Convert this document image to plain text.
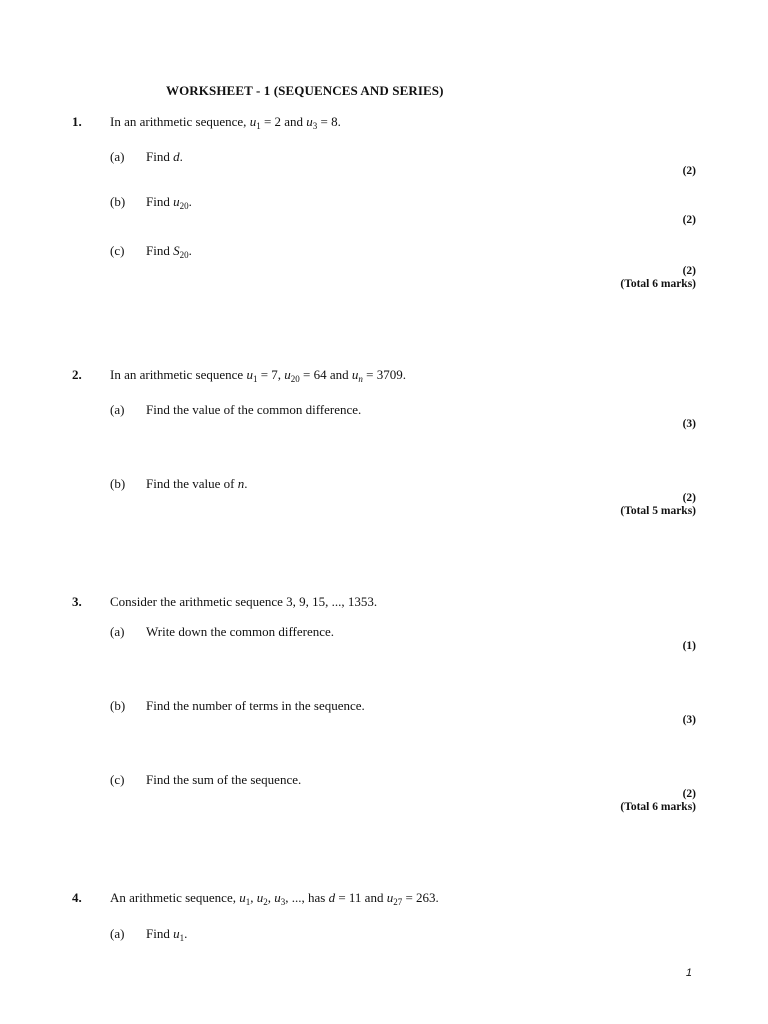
WORKSHEET - 1 (SEQUENCES AND SERIES)
1. In an arithmetic sequence, $u_1 = 2$ and $u_3 = 8$.
(a) Find d.
(2)
(b) Find $u_{20}$.
(2)
(c) Find $S_{20}$.
(2)
(Total 6 marks)
2. In an arithmetic sequence $u_1 = 7$, $u_{20} = 64$ and $u_n = 3709$.
(a) Find the value of the common difference.
(3)
(b) Find the value of n.
(2)
(Total 5 marks)
3. Consider the arithmetic sequence 3, 9, 15, ..., 1353.
(a) Write down the common difference.
(1)
(b) Find the number of terms in the sequence.
(3)
(c) Find the sum of the sequence.
(2)
(Total 6 marks)
4. An arithmetic sequence, $u_1$, $u_2$, $u_3$, ..., has d = 11 and $u_{27} = 263$.
(a) Find $u_1$.
1
